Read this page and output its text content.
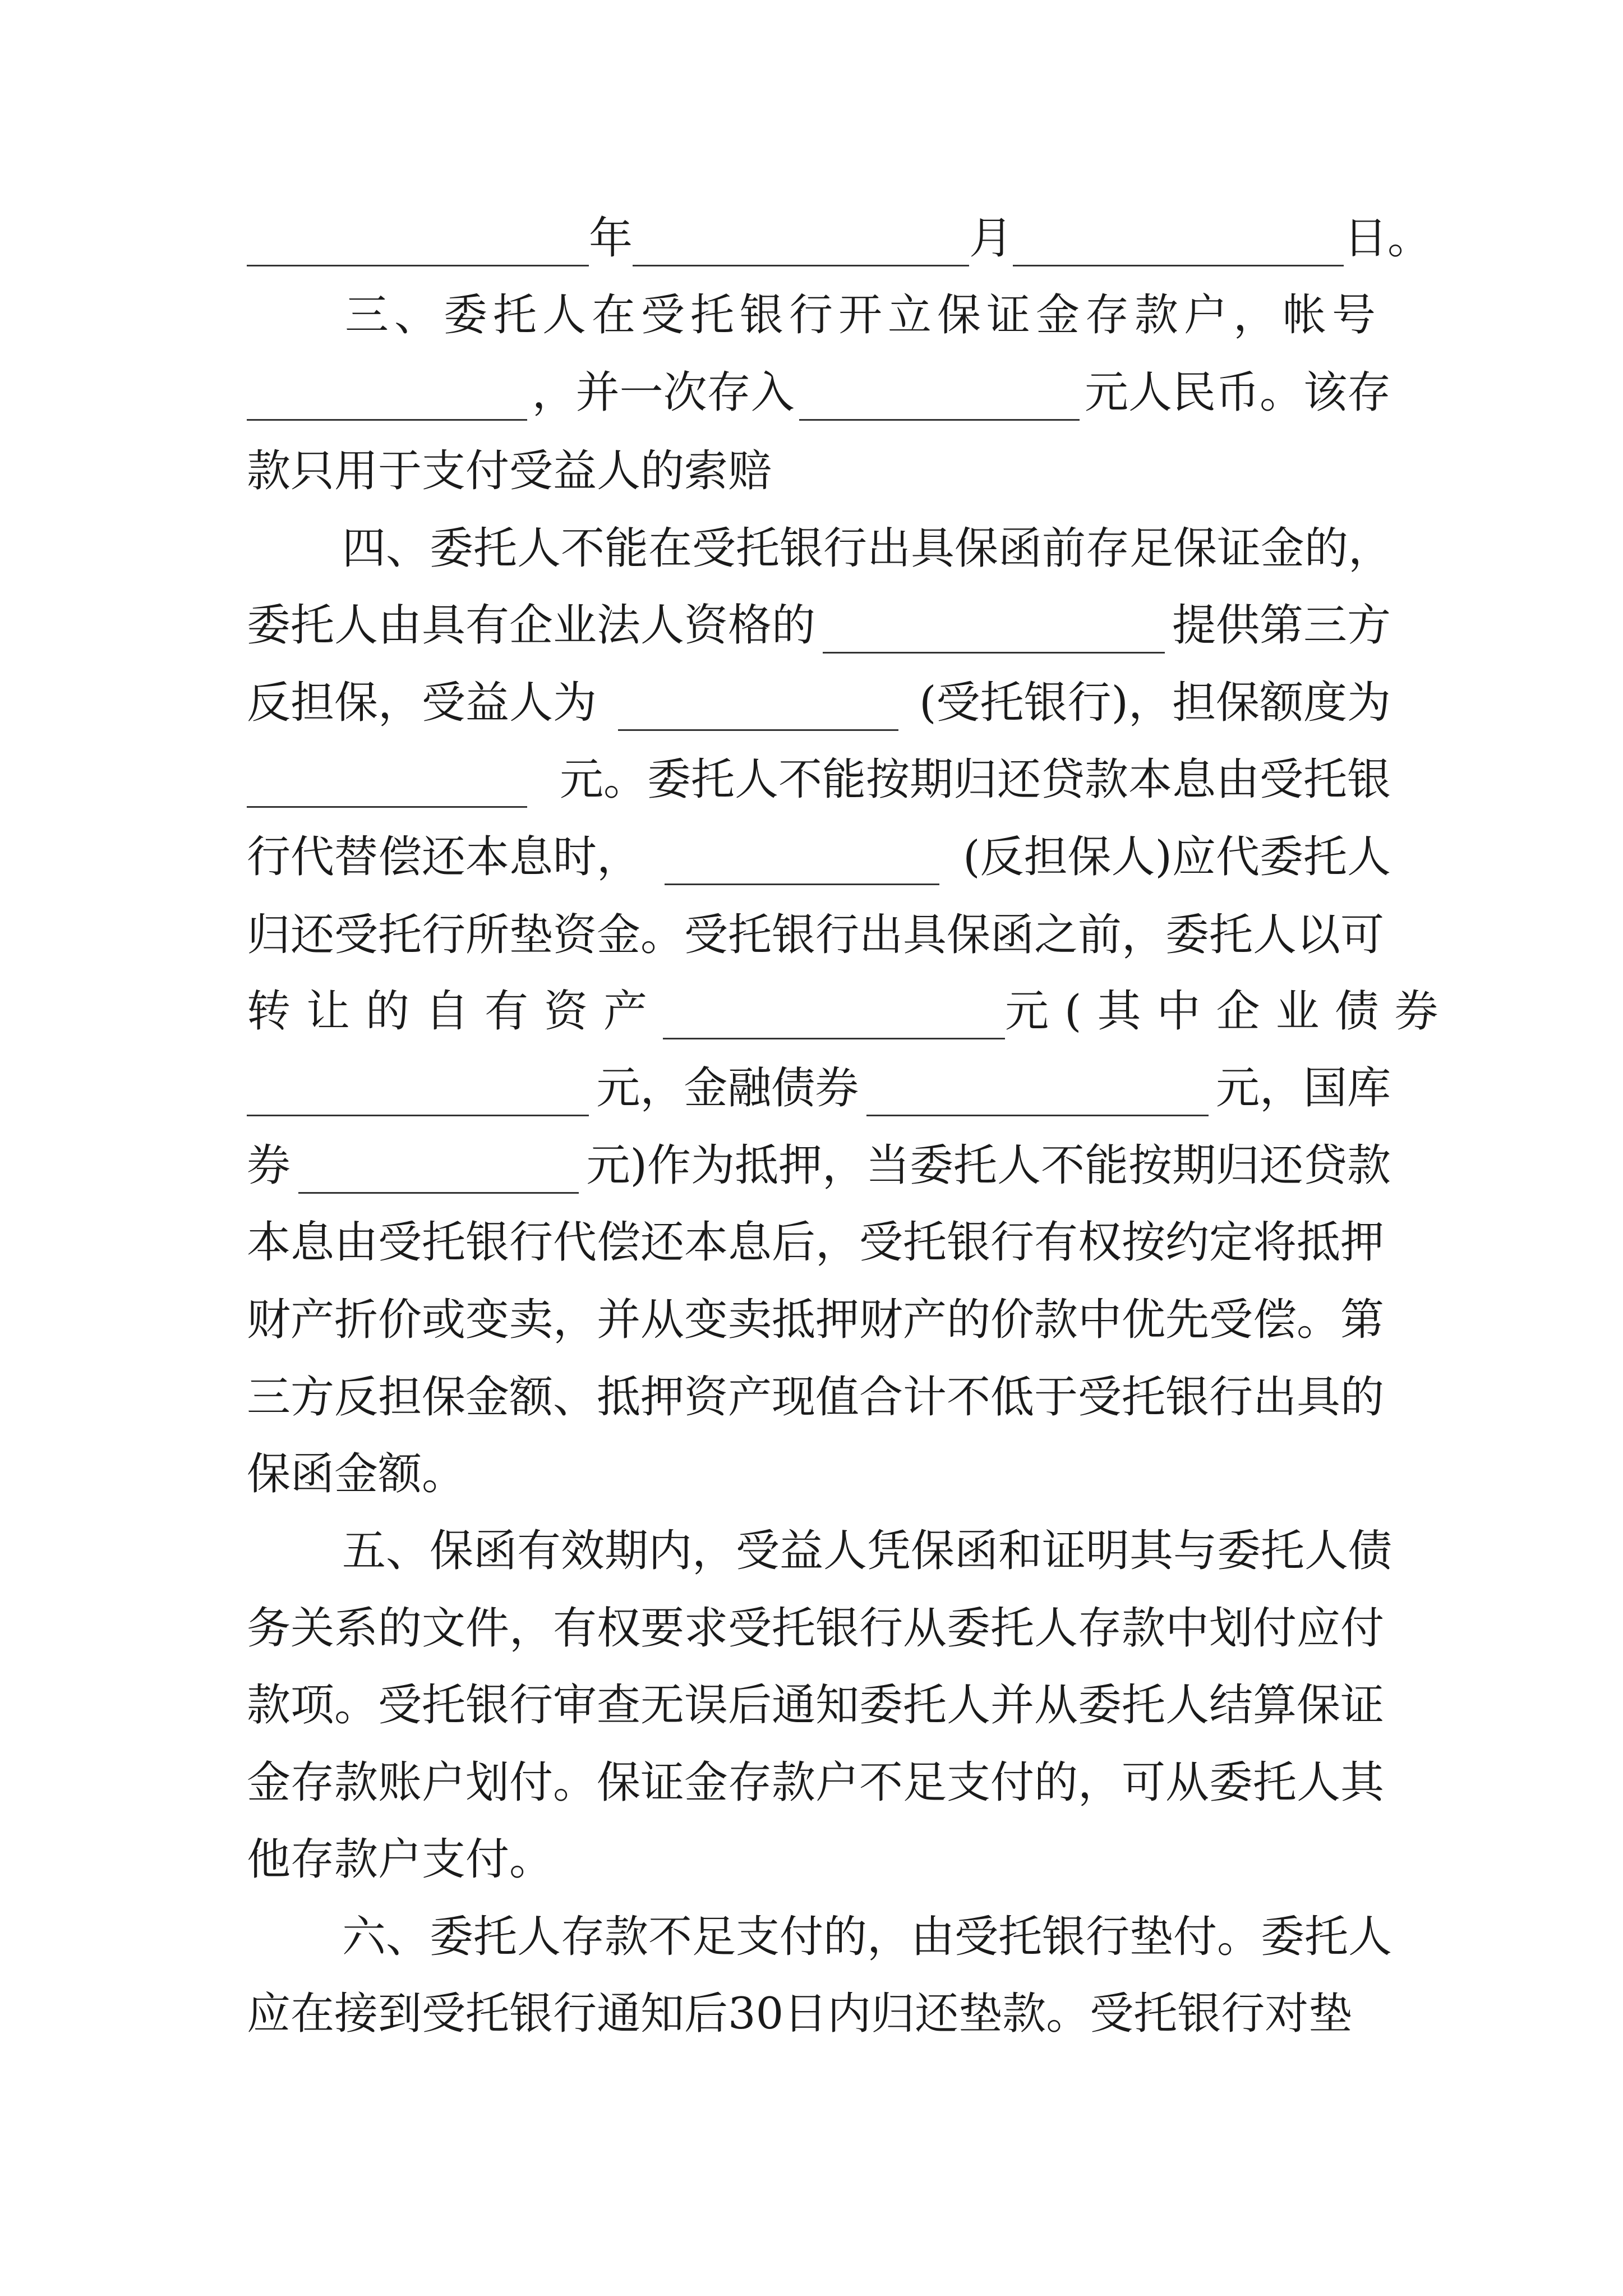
年	月	日。
三、委托人在受托银行开立保证金存款户，帐号
，并一次存入	元人民币。该存
款只用于支付受益人的索赔
四、委托人不能在受托银行出具保函前存足保证金的，
委托人由具有企业法人资格的	提供第三方
反担保，受益人为	(受托银行)，担保额度为
元。委托人不能按期归还贷款本息由受托银
行代替偿还本息时，	(反担保人)应代委托人
归还受托行所垫资金。受托银行出具保函之前，委托人以可
转让的自有资产	元(其中企业债券
元，金融债券	元，国库
券	元)作为抵押，当委托人不能按期归还贷款
本息由受托银行代偿还本息后，受托银行有权按约定将抵押
财产折价或变卖，并从变卖抵押财产的价款中优先受偿。第
三方反担保金额、抵押资产现值合计不低于受托银行出具的
保函金额。
五、保函有效期内，受益人凭保函和证明其与委托人债
务关系的文件，有权要求受托银行从委托人存款中划付应付
款项。受托银行审查无误后通知委托人并从委托人结算保证
金存款账户划付。保证金存款户不足支付的，可从委托人其
他存款户支付。
六、委托人存款不足支付的，由受托银行垫付。委托人
应在接到受托银行通知后30日内归还垫款。受托银行对垫
